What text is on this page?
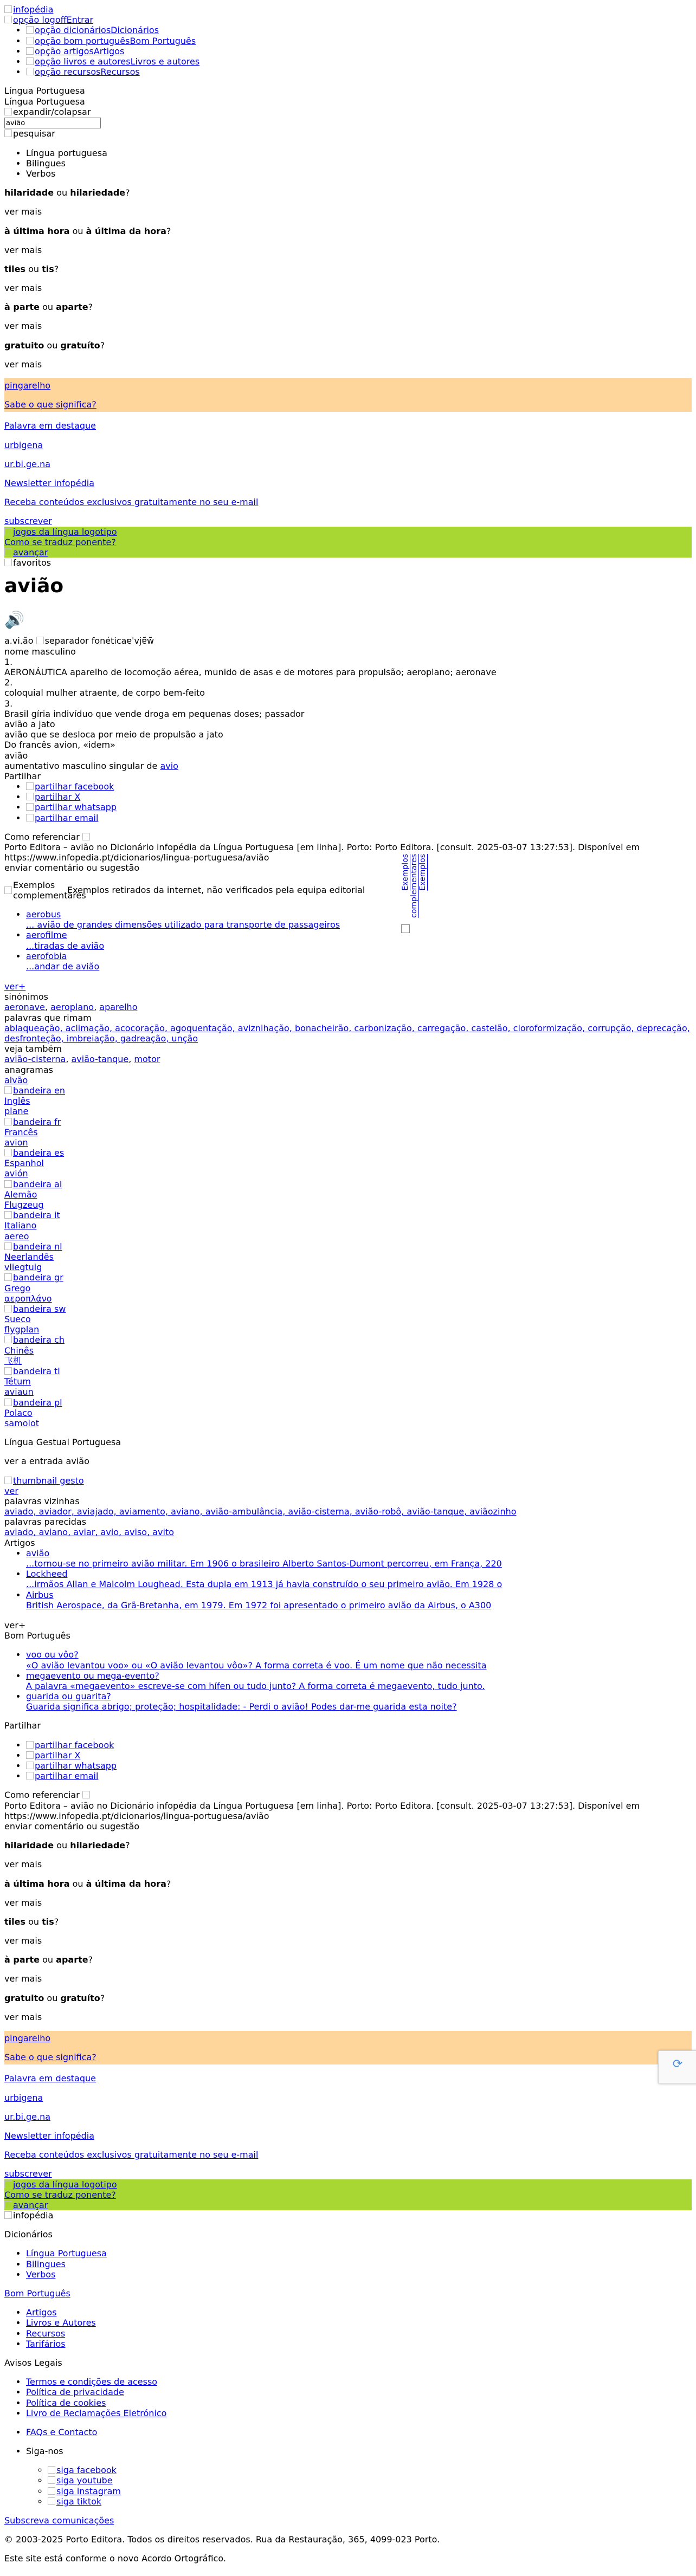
infopédia
opção logoffEntrar
• opção dicionáriosDicionários
• opção bom portuguêsBom Português
• opção artigosArtigos
• opção livros e autoresLivros e autores
• opção recursosRecursos
Língua Portuguesa
Língua Portuguesa
expandir/colapsar
avião
pesquisar
• Língua portuguesa
• Bilingues
• Verbos

hilaridade ou hilariedade?

ver mais

à última hora ou à última da hora?

ver mais

tiles ou tis?

ver mais

à parte ou aparte?

ver mais

gratuito ou gratuíto?

ver mais

pingarelho

Sabe o que significa?

Palavra em destaque

urbigena

ur.bi.ge.na

Newsletter infopédia

Receba conteúdos exclusivos gratuitamente no seu e-mail

subscrever

jogos da língua logotipo
Como se traduz ponente?
avançar
favoritos
avião
🔊
a.vi.ão separador fonéticaɐˈvjɐ̃w̃
nome masculino
1.
AERONÁUTICA aparelho de locomoção aérea, munido de asas e de motores para propulsão; aeroplano; aeronave
2.
coloquial mulher atraente, de corpo bem-feito
3.
Brasil gíria indivíduo que vende droga em pequenas doses; passador
avião a jato
avião que se desloca por meio de propulsão a jato
Do francês avion, «idem»
avião
aumentativo masculino singular de avio
Partilhar
• partilhar facebook
• partilhar X
• partilhar whatsapp
• partilhar email
Como referenciar
Porto Editora – avião no Dicionário infopédia da Língua Portuguesa [em linha]. Porto: Porto Editora. [consult. 2025-03-07 13:27:53]. Disponível em https://www.infopedia.pt/dicionarios/lingua-portuguesa/avião
enviar comentário ou sugestão
Exemplos complementares
Exemplos retirados da internet, não verificados pela equipa editorial
• aerobus
... avião de grandes dimensões utilizado para transporte de passageiros
• aerofilme
...tiradas de avião
• aerofobia
...andar de avião
ver+
sinónimos
aeronave, aeroplano, aparelho
palavras que rimam
ablaqueação, aclimação, acocoração, agoquentação, aviznihação, bonacheirão, carbonização, carregação, castelão, cloroformização, corrupção, deprecação, desfronteção, imbreiação, gadreação, unção
veja também
avião-cisterna, avião-tanque, motor
anagramas
alvão
bandeira en
Inglês
plane
bandeira fr
Francês
avion
bandeira es
Espanhol
avión
bandeira al
Alemão
Flugzeug
bandeira it
Italiano
aereo
bandeira nl
Neerlandês
vliegtuig
bandeira gr
Grego
αεροπλάνο
bandeira sw
Sueco
flygplan
bandeira ch
Chinês
飞机
bandeira tl
Tétum
aviaun
bandeira pl
Polaco
samolot

Língua Gestual Portuguesa

ver a entrada avião

thumbnail gesto
ver
palavras vizinhas
aviado, aviador, aviajado, aviamento, aviano, avião-ambulância, avião-cisterna, avião-robô, avião-tanque, aviãozinho
palavras parecidas
aviado, aviano, aviar, avio, aviso, avito
Artigos
• avião
...tornou-se no primeiro avião militar. Em 1906 o brasileiro Alberto Santos-Dumont percorreu, em França, 220
• Lockheed
...irmãos Allan e Malcolm Loughead. Esta dupla em 1913 já havia construído o seu primeiro avião. Em 1928 o
• Airbus
British Aerospace, da Grã-Bretanha, em 1979. Em 1972 foi apresentado o primeiro avião da Airbus, o A300
ver+
Bom Português
• voo ou vôo?
«O avião levantou voo» ou «O avião levantou vôo»? A forma correta é voo. É um nome que não necessita
• megaevento ou mega-evento?
A palavra «megaevento» escreve-se com hífen ou tudo junto? A forma correta é megaevento, tudo junto.
• guarida ou guarita?
Guarida significa abrigo; proteção; hospitalidade: - Perdi o avião! Podes dar-me guarida esta noite?

Partilhar

• partilhar facebook
• partilhar X
• partilhar whatsapp
• partilhar email
Como referenciar
Porto Editora – avião no Dicionário infopédia da Língua Portuguesa [em linha]. Porto: Porto Editora. [consult. 2025-03-07 13:27:53]. Disponível em https://www.infopedia.pt/dicionarios/lingua-portuguesa/avião
enviar comentário ou sugestão

hilaridade ou hilariedade?

ver mais

à última hora ou à última da hora?

ver mais

tiles ou tis?

ver mais

à parte ou aparte?

ver mais

gratuito ou gratuíto?

ver mais

pingarelho

Sabe o que significa?

Palavra em destaque

urbigena

ur.bi.ge.na

Newsletter infopédia

Receba conteúdos exclusivos gratuitamente no seu e-mail

subscrever

jogos da língua logotipo
Como se traduz ponente?
avançar
infopédia

Dicionários

• Língua Portuguesa
• Bilingues
• Verbos

Bom Português

• Artigos
• Livros e Autores
• Recursos
• Tarifários

Avisos Legais

• Termos e condições de acesso
• Política de privacidade
• Política de cookies
• Livro de Reclamações Eletrónico
• FAQs e Contacto
• Siga-nos
◦ siga facebook
◦ siga youtube
◦ siga instagram
◦ siga tiktok

Subscreva comunicações

© 2003-2025 Porto Editora. Todos os direitos reservados. Rua da Restauração, 365, 4099-023 Porto.

Este site está conforme o novo Acordo Ortográfico.

Exemplos complementares Exemplos
⟳
